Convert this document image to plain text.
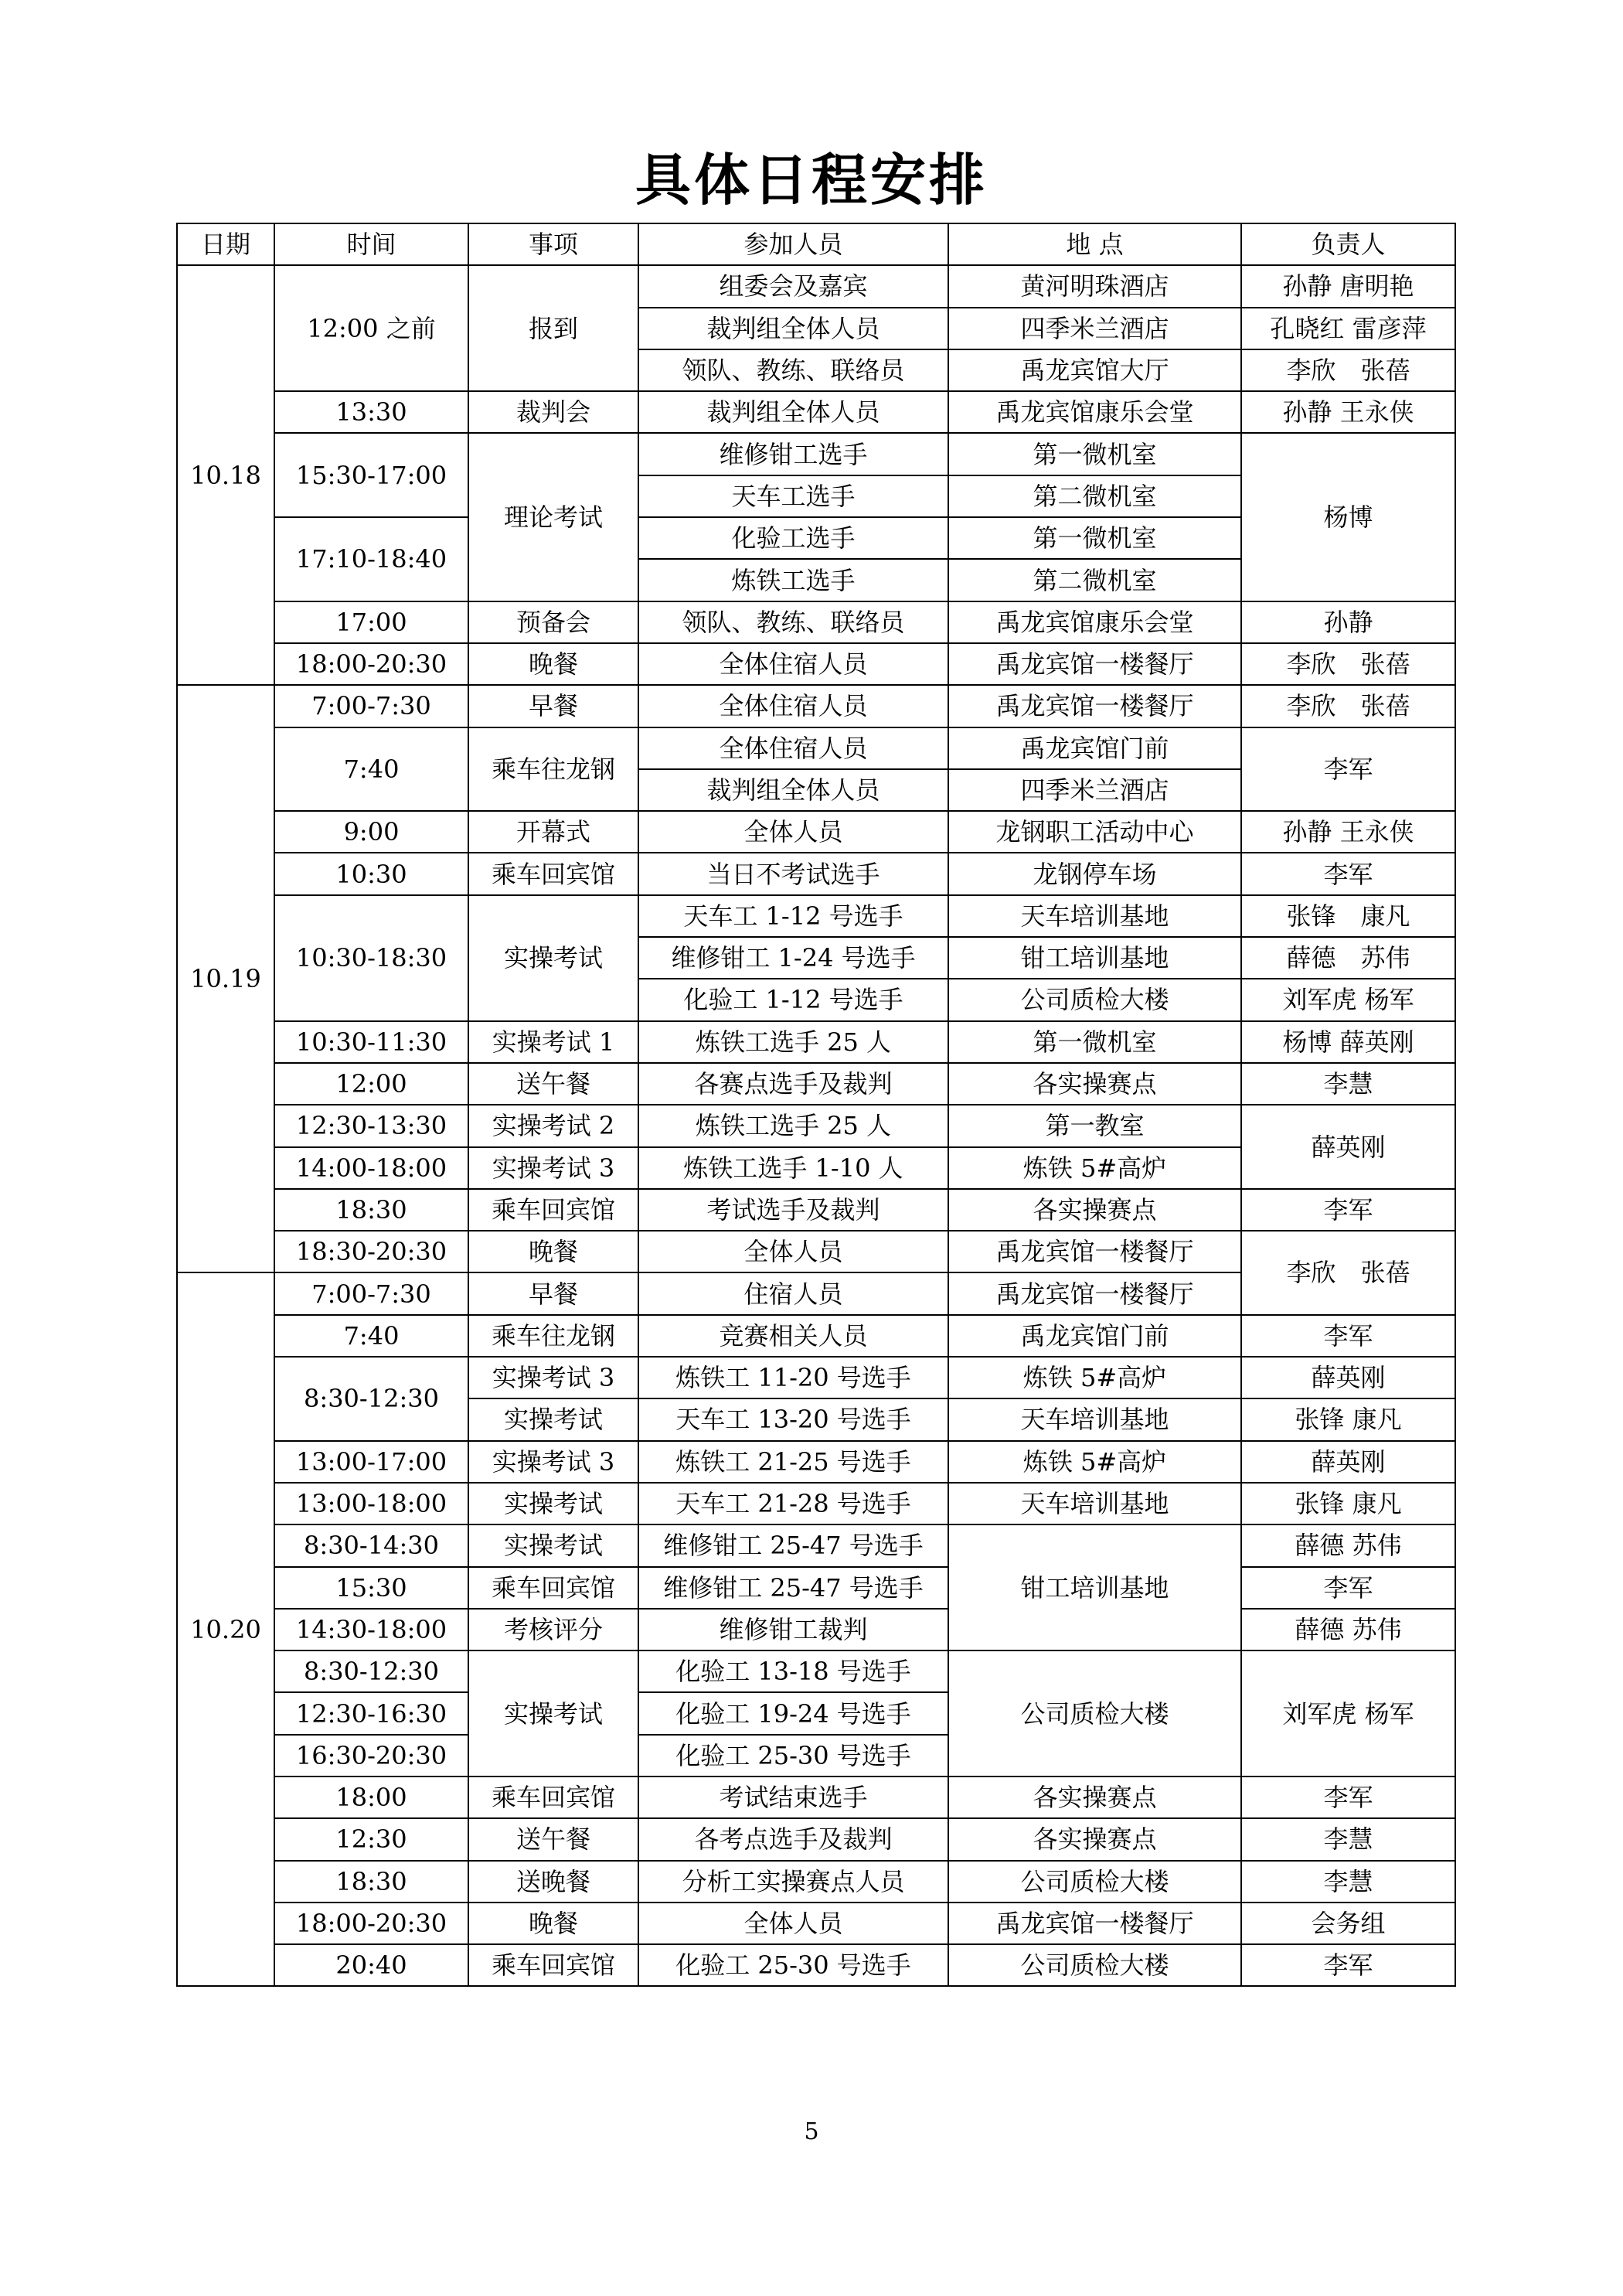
具体日程安排
日期	时间	事项	参加人员	地 点	负责人
10.18	12:00 之前	报到	组委会及嘉宾	黄河明珠酒店	孙静 唐明艳
			裁判组全体人员	四季米兰酒店	孔晓红 雷彦萍
			领队、教练、联络员	禹龙宾馆大厅	李欣　张蓓
	13:30	裁判会	裁判组全体人员	禹龙宾馆康乐会堂	孙静 王永侠
	15:30-17:00	理论考试	维修钳工选手	第一微机室	杨博
			天车工选手	第二微机室	
	17:10-18:40		化验工选手	第一微机室	
			炼铁工选手	第二微机室	
	17:00	预备会	领队、教练、联络员	禹龙宾馆康乐会堂	孙静
	18:00-20:30	晚餐	全体住宿人员	禹龙宾馆一楼餐厅	李欣　张蓓
10.19	7:00-7:30	早餐	全体住宿人员	禹龙宾馆一楼餐厅	李欣　张蓓
	7:40	乘车往龙钢	全体住宿人员	禹龙宾馆门前	李军
			裁判组全体人员	四季米兰酒店	
	9:00	开幕式	全体人员	龙钢职工活动中心	孙静 王永侠
	10:30	乘车回宾馆	当日不考试选手	龙钢停车场	李军
	10:30-18:30	实操考试	天车工 1-12 号选手	天车培训基地	张锋　康凡
			维修钳工 1-24 号选手	钳工培训基地	薛德　苏伟
			化验工 1-12 号选手	公司质检大楼	刘军虎 杨军
	10:30-11:30	实操考试 1	炼铁工选手 25 人	第一微机室	杨博 薛英刚
	12:00	送午餐	各赛点选手及裁判	各实操赛点	李慧
	12:30-13:30	实操考试 2	炼铁工选手 25 人	第一教室	薛英刚
	14:00-18:00	实操考试 3	炼铁工选手 1-10 人	炼铁 5#高炉	
	18:30	乘车回宾馆	考试选手及裁判	各实操赛点	李军
	18:30-20:30	晚餐	全体人员	禹龙宾馆一楼餐厅	李欣　张蓓
10.20	7:00-7:30	早餐	住宿人员	禹龙宾馆一楼餐厅	
	7:40	乘车往龙钢	竞赛相关人员	禹龙宾馆门前	李军
	8:30-12:30	实操考试 3	炼铁工 11-20 号选手	炼铁 5#高炉	薛英刚
		实操考试	天车工 13-20 号选手	天车培训基地	张锋 康凡
	13:00-17:00	实操考试 3	炼铁工 21-25 号选手	炼铁 5#高炉	薛英刚
	13:00-18:00	实操考试	天车工 21-28 号选手	天车培训基地	张锋 康凡
	8:30-14:30	实操考试	维修钳工 25-47 号选手	钳工培训基地	薛德 苏伟
	15:30	乘车回宾馆	维修钳工 25-47 号选手		李军
	14:30-18:00	考核评分	维修钳工裁判		薛德 苏伟
	8:30-12:30	实操考试	化验工 13-18 号选手	公司质检大楼	刘军虎 杨军
	12:30-16:30		化验工 19-24 号选手		
	16:30-20:30		化验工 25-30 号选手		
	18:00	乘车回宾馆	考试结束选手	各实操赛点	李军
	12:30	送午餐	各考点选手及裁判	各实操赛点	李慧
	18:30	送晚餐	分析工实操赛点人员	公司质检大楼	李慧
	18:00-20:30	晚餐	全体人员	禹龙宾馆一楼餐厅	会务组
	20:40	乘车回宾馆	化验工 25-30 号选手	公司质检大楼	李军
5
